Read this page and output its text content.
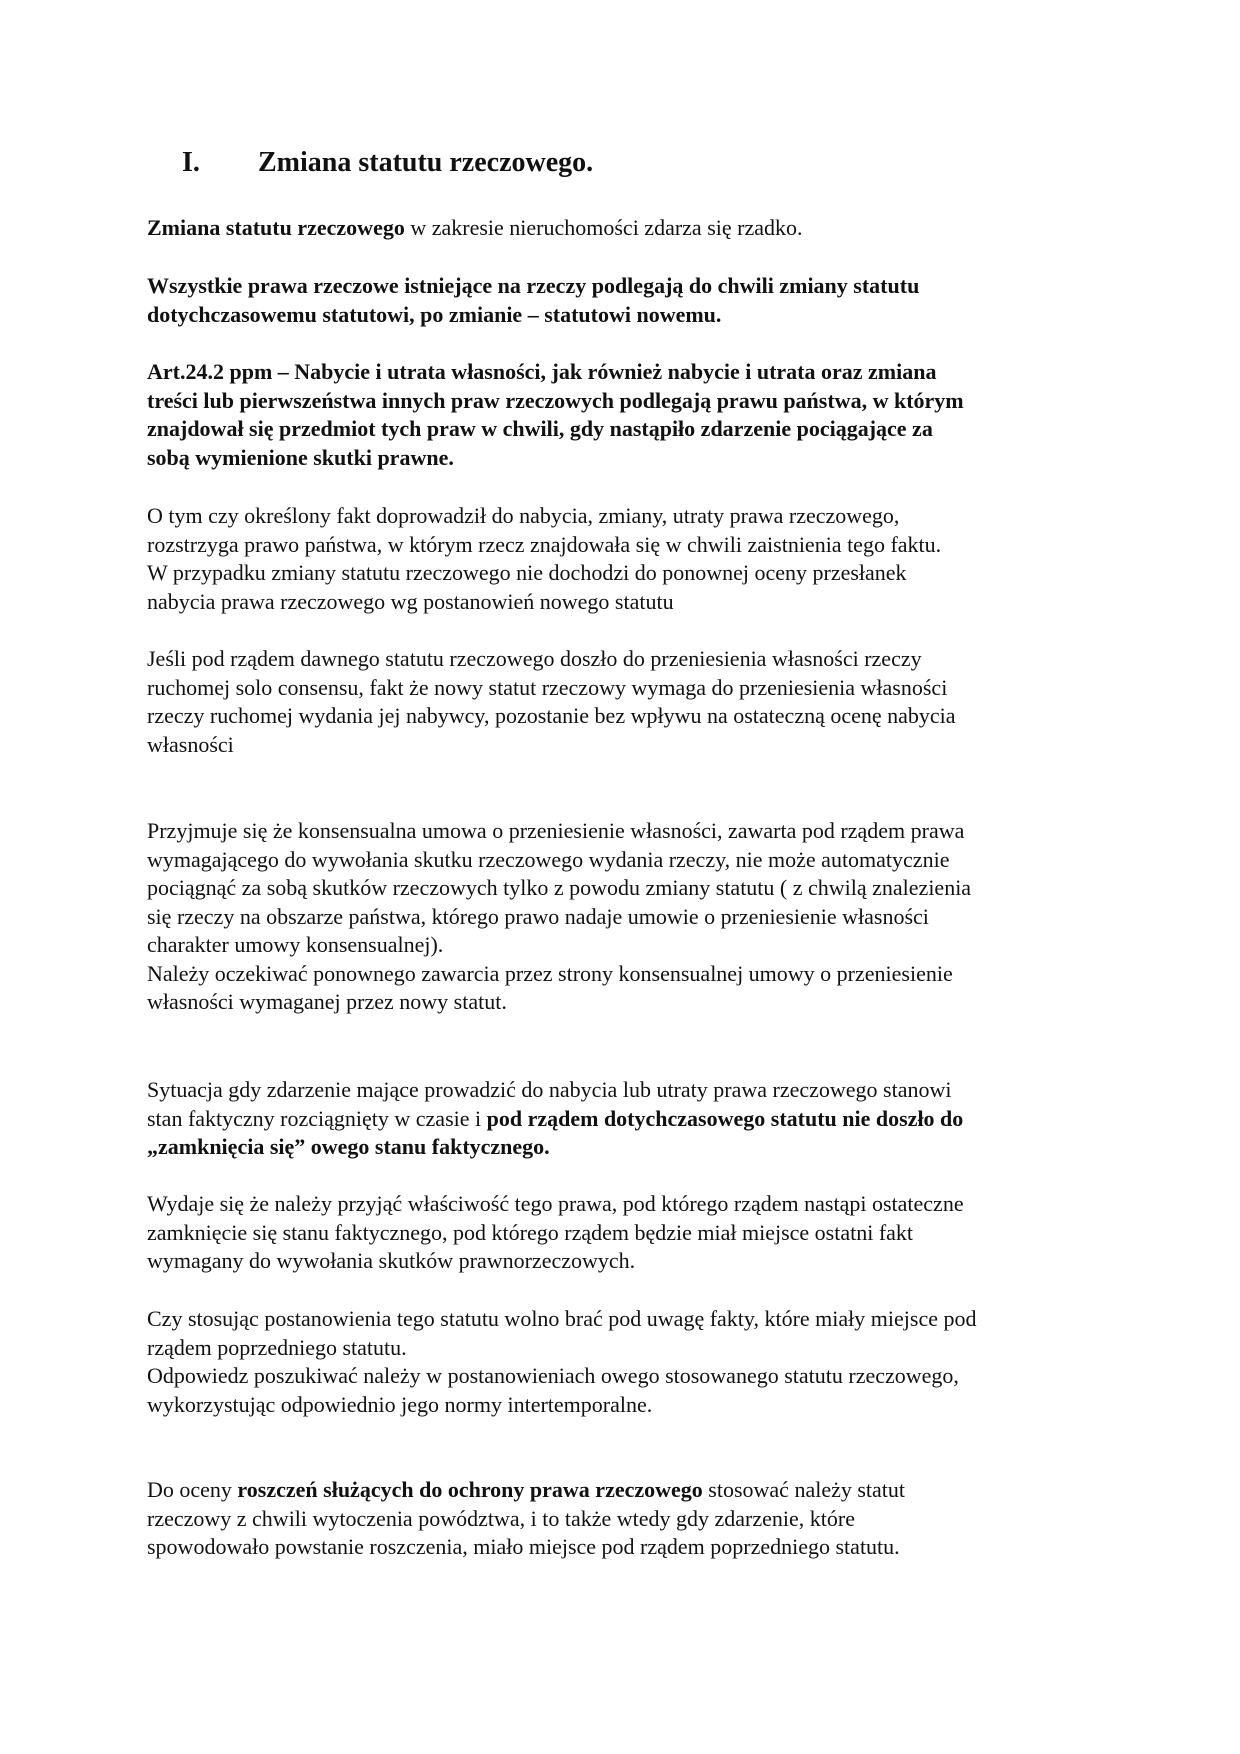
I. Zmiana statutu rzeczowego.

Zmiana statutu rzeczowego w zakresie nieruchomości zdarza się rzadko.

Wszystkie prawa rzeczowe istniejące na rzeczy podlegają do chwili zmiany statutu
dotychczasowemu statutowi, po zmianie – statutowi nowemu.

Art.24.2 ppm – Nabycie i utrata własności, jak również nabycie i utrata oraz zmiana
treści lub pierwszeństwa innych praw rzeczowych podlegają prawu państwa, w którym
znajdował się przedmiot tych praw w chwili, gdy nastąpiło zdarzenie pociągające za
sobą wymienione skutki prawne.

O tym czy określony fakt doprowadził do nabycia, zmiany, utraty prawa rzeczowego,
rozstrzyga prawo państwa, w którym rzecz znajdowała się w chwili zaistnienia tego faktu.
W przypadku zmiany statutu rzeczowego nie dochodzi do ponownej oceny przesłanek
nabycia prawa rzeczowego wg postanowień nowego statutu

Jeśli pod rządem dawnego statutu rzeczowego doszło do przeniesienia własności rzeczy
ruchomej solo consensu, fakt że nowy statut rzeczowy wymaga do przeniesienia własności
rzeczy ruchomej wydania jej nabywcy, pozostanie bez wpływu na ostateczną ocenę nabycia
własności

Przyjmuje się że konsensualna umowa o przeniesienie własności, zawarta pod rządem prawa
wymagającego do wywołania skutku rzeczowego wydania rzeczy, nie może automatycznie
pociągnąć za sobą skutków rzeczowych tylko z powodu zmiany statutu ( z chwilą znalezienia
się rzeczy na obszarze państwa, którego prawo nadaje umowie o przeniesienie własności
charakter umowy konsensualnej).
Należy oczekiwać ponownego zawarcia przez strony konsensualnej umowy o przeniesienie
własności wymaganej przez nowy statut.

Sytuacja gdy zdarzenie mające prowadzić do nabycia lub utraty prawa rzeczowego stanowi
stan faktyczny rozciągnięty w czasie i pod rządem dotychczasowego statutu nie doszło do
„zamknięcia się” owego stanu faktycznego.

Wydaje się że należy przyjąć właściwość tego prawa, pod którego rządem nastąpi ostateczne
zamknięcie się stanu faktycznego, pod którego rządem będzie miał miejsce ostatni fakt
wymagany do wywołania skutków prawnorzeczowych.

Czy stosując postanowienia tego statutu wolno brać pod uwagę fakty, które miały miejsce pod
rządem poprzedniego statutu.
Odpowiedz poszukiwać należy w postanowieniach owego stosowanego statutu rzeczowego,
wykorzystując odpowiednio jego normy intertemporalne.

Do oceny roszczeń służących do ochrony prawa rzeczowego stosować należy statut
rzeczowy z chwili wytoczenia powództwa, i to także wtedy gdy zdarzenie, które
spowodowało powstanie roszczenia, miało miejsce pod rządem poprzedniego statutu.
